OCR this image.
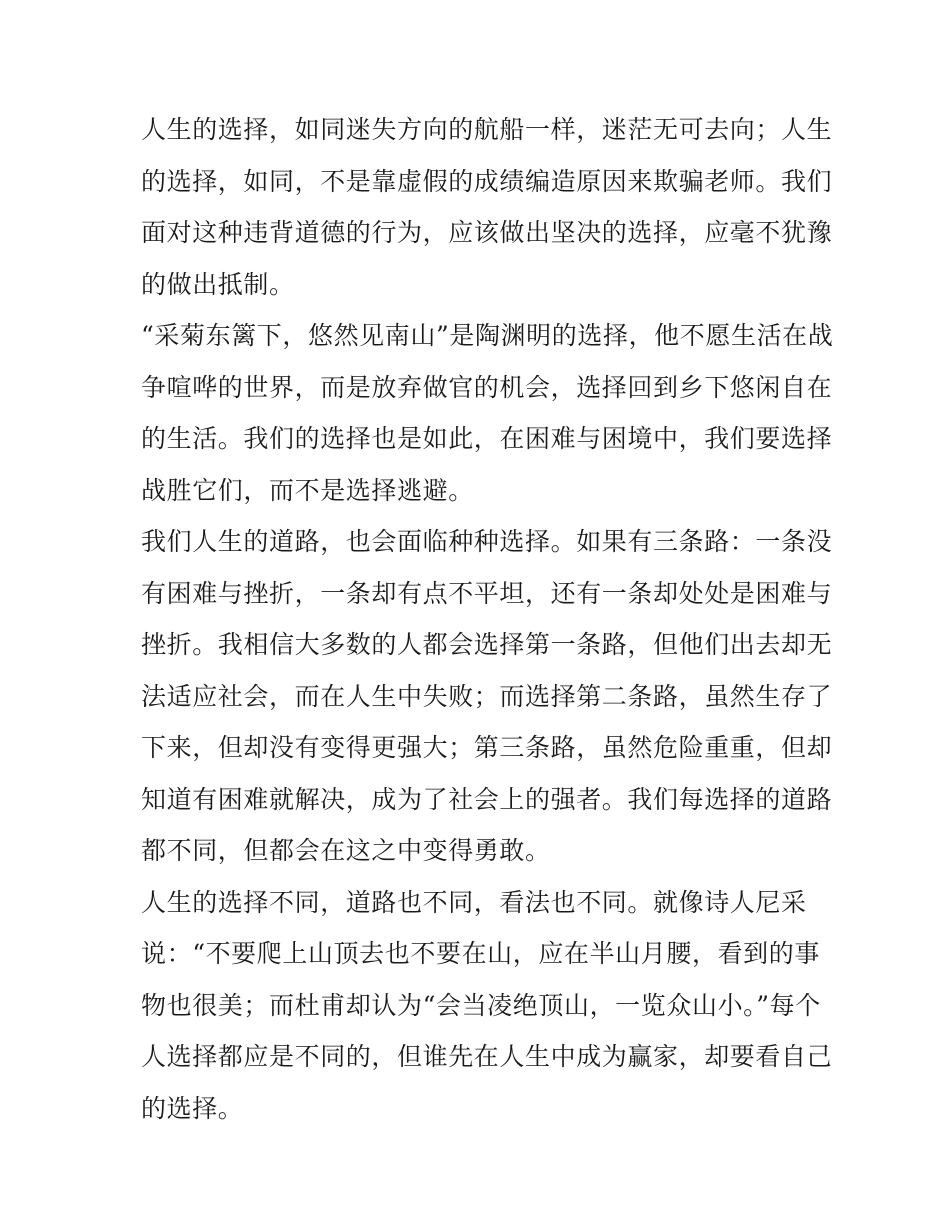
人生的选择，如同迷失方向的航船一样，迷茫无可去向；人生
的选择，如同，不是靠虚假的成绩编造原因来欺骗老师。我们
面对这种违背道德的行为，应该做出坚决的选择，应毫不犹豫
的做出抵制。

“采菊东篱下，悠然见南山”是陶渊明的选择，他不愿生活在战
争喧哗的世界，而是放弃做官的机会，选择回到乡下悠闲自在
的生活。我们的选择也是如此，在困难与困境中，我们要选择
战胜它们，而不是选择逃避。

我们人生的道路，也会面临种种选择。如果有三条路：一条没
有困难与挫折，一条却有点不平坦，还有一条却处处是困难与
挫折。我相信大多数的人都会选择第一条路，但他们出去却无
法适应社会，而在人生中失败；而选择第二条路，虽然生存了
下来，但却没有变得更强大；第三条路，虽然危险重重，但却
知道有困难就解决，成为了社会上的强者。我们每选择的道路
都不同，但都会在这之中变得勇敢。

人生的选择不同，道路也不同，看法也不同。就像诗人尼采
说：“不要爬上山顶去也不要在山，应在半山月腰，看到的事
物也很美；而杜甫却认为“会当凌绝顶山，一览众山小。”每个
人选择都应是不同的，但谁先在人生中成为赢家，却要看自己
的选择。
